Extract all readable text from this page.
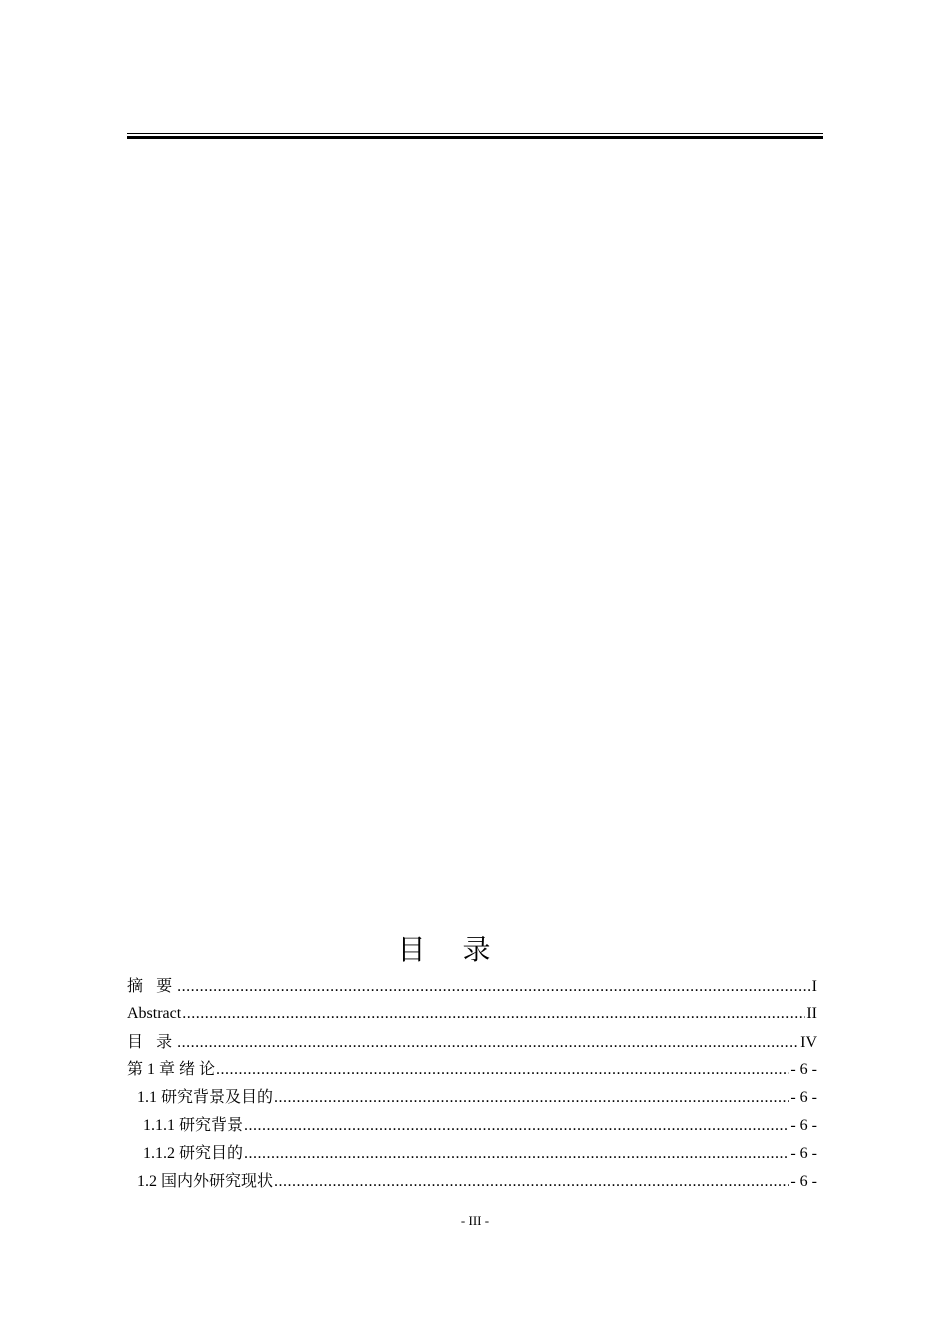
目 录
摘 要 .....	I
Abstract .....	II
目 录 .....	IV
第 1 章 绪 论 .....	- 6 -
1.1 研究背景及目的 .....	- 6 -
1.1.1 研究背景 .....	- 6 -
1.1.2 研究目的 .....	- 6 -
1.2 国内外研究现状 .....	- 6 -
- III -
